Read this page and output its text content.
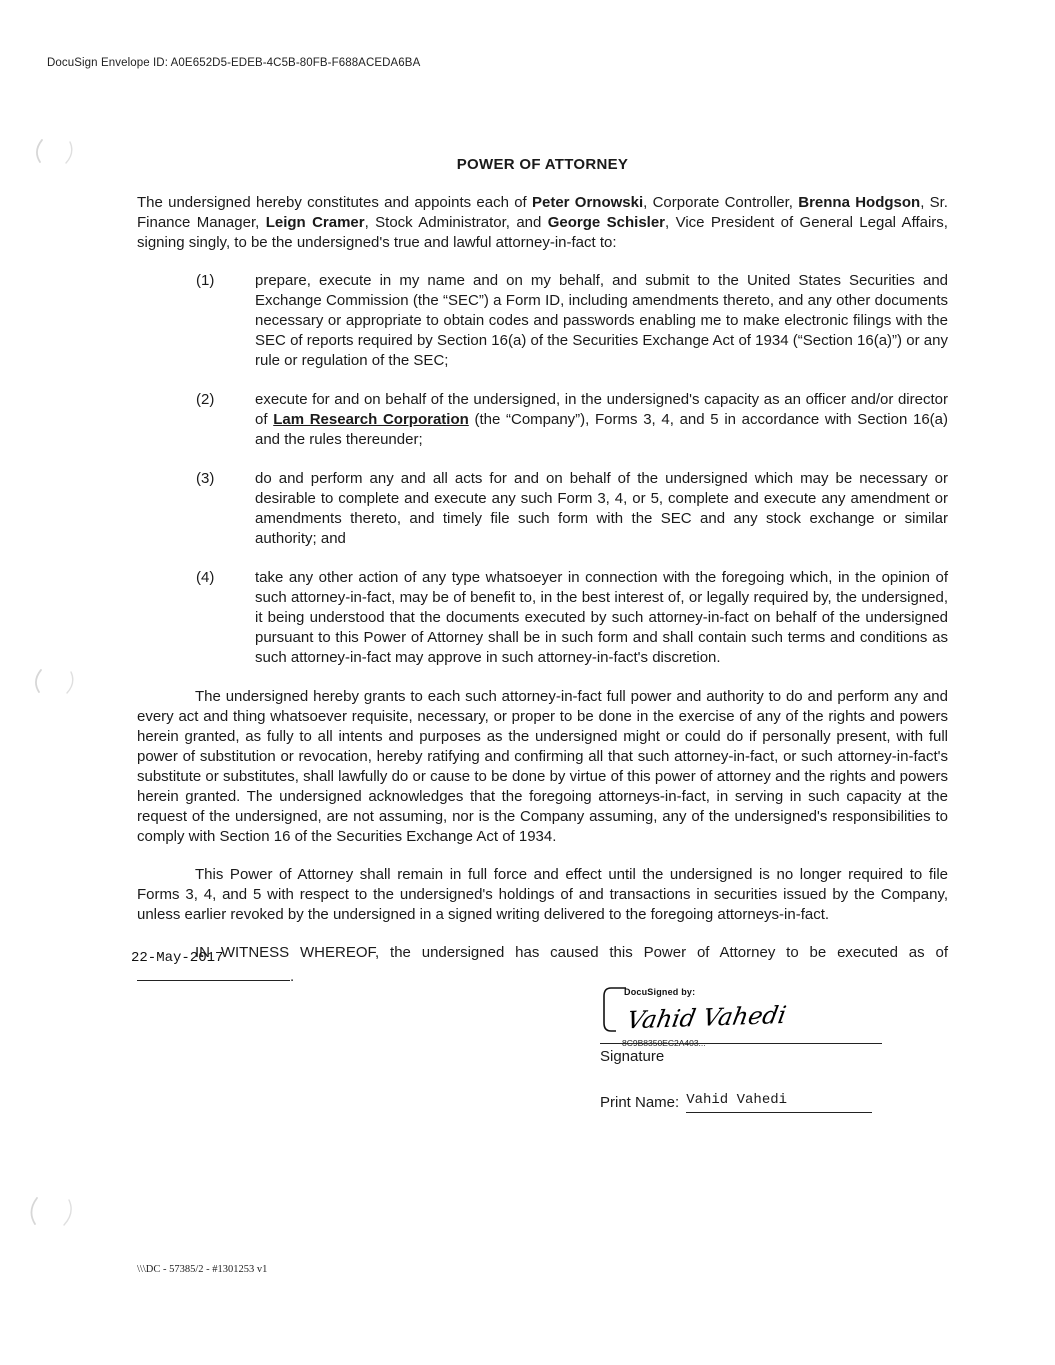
DocuSign Envelope ID: A0E652D5-EDEB-4C5B-80FB-F688ACEDA6BA
POWER OF ATTORNEY

The undersigned hereby constitutes and appoints each of Peter Ornowski, Corporate Controller, Brenna Hodgson, Sr. Finance Manager, Leign Cramer, Stock Administrator, and George Schisler, Vice President of General Legal Affairs, signing singly, to be the undersigned's true and lawful attorney-in-fact to:

(1)	prepare, execute in my name and on my behalf, and submit to the United States Securities and Exchange Commission (the “SEC”) a Form ID, including amendments thereto, and any other documents necessary or appropriate to obtain codes and passwords enabling me to make electronic filings with the SEC of reports required by Section 16(a) of the Securities Exchange Act of 1934 (“Section 16(a)”) or any rule or regulation of the SEC;
(2)	execute for and on behalf of the undersigned, in the undersigned's capacity as an officer and/or director of Lam Research Corporation (the “Company”), Forms 3, 4, and 5 in accordance with Section 16(a) and the rules thereunder;
(3)	do and perform any and all acts for and on behalf of the undersigned which may be necessary or desirable to complete and execute any such Form 3, 4, or 5, complete and execute any amendment or amendments thereto, and timely file such form with the SEC and any stock exchange or similar authority; and
(4)	take any other action of any type whatsoeyer in connection with the foregoing which, in the opinion of such attorney-in-fact, may be of benefit to, in the best interest of, or legally required by, the undersigned, it being understood that the documents executed by such attorney-in-fact on behalf of the undersigned pursuant to this Power of Attorney shall be in such form and shall contain such terms and conditions as such attorney-in-fact may approve in such attorney-in-fact's discretion.

The undersigned hereby grants to each such attorney-in-fact full power and authority to do and perform any and every act and thing whatsoever requisite, necessary, or proper to be done in the exercise of any of the rights and powers herein granted, as fully to all intents and purposes as the undersigned might or could do if personally present, with full power of substitution or revocation, hereby ratifying and confirming all that such attorney-in-fact, or such attorney-in-fact's substitute or substitutes, shall lawfully do or cause to be done by virtue of this power of attorney and the rights and powers herein granted. The undersigned acknowledges that the foregoing attorneys-in-fact, in serving in such capacity at the request of the undersigned, are not assuming, nor is the Company assuming, any of the undersigned's responsibilities to comply with Section 16 of the Securities Exchange Act of 1934.

This Power of Attorney shall remain in full force and effect until the undersigned is no longer required to file Forms 3, 4, and 5 with respect to the undersigned's holdings of and transactions in securities issued by the Company, unless earlier revoked by the undersigned in a signed writing delivered to the foregoing attorneys-in-fact.

IN WITNESS WHEREOF, the undersigned has caused this Power of Attorney to be executed as of

22-May-2017
.
DocuSigned by:
Vahid Vahedi
8C9B8350EC2A403...
Signature
Print Name: Vahid Vahedi
\\\DC - 57385/2 - #1301253 v1
